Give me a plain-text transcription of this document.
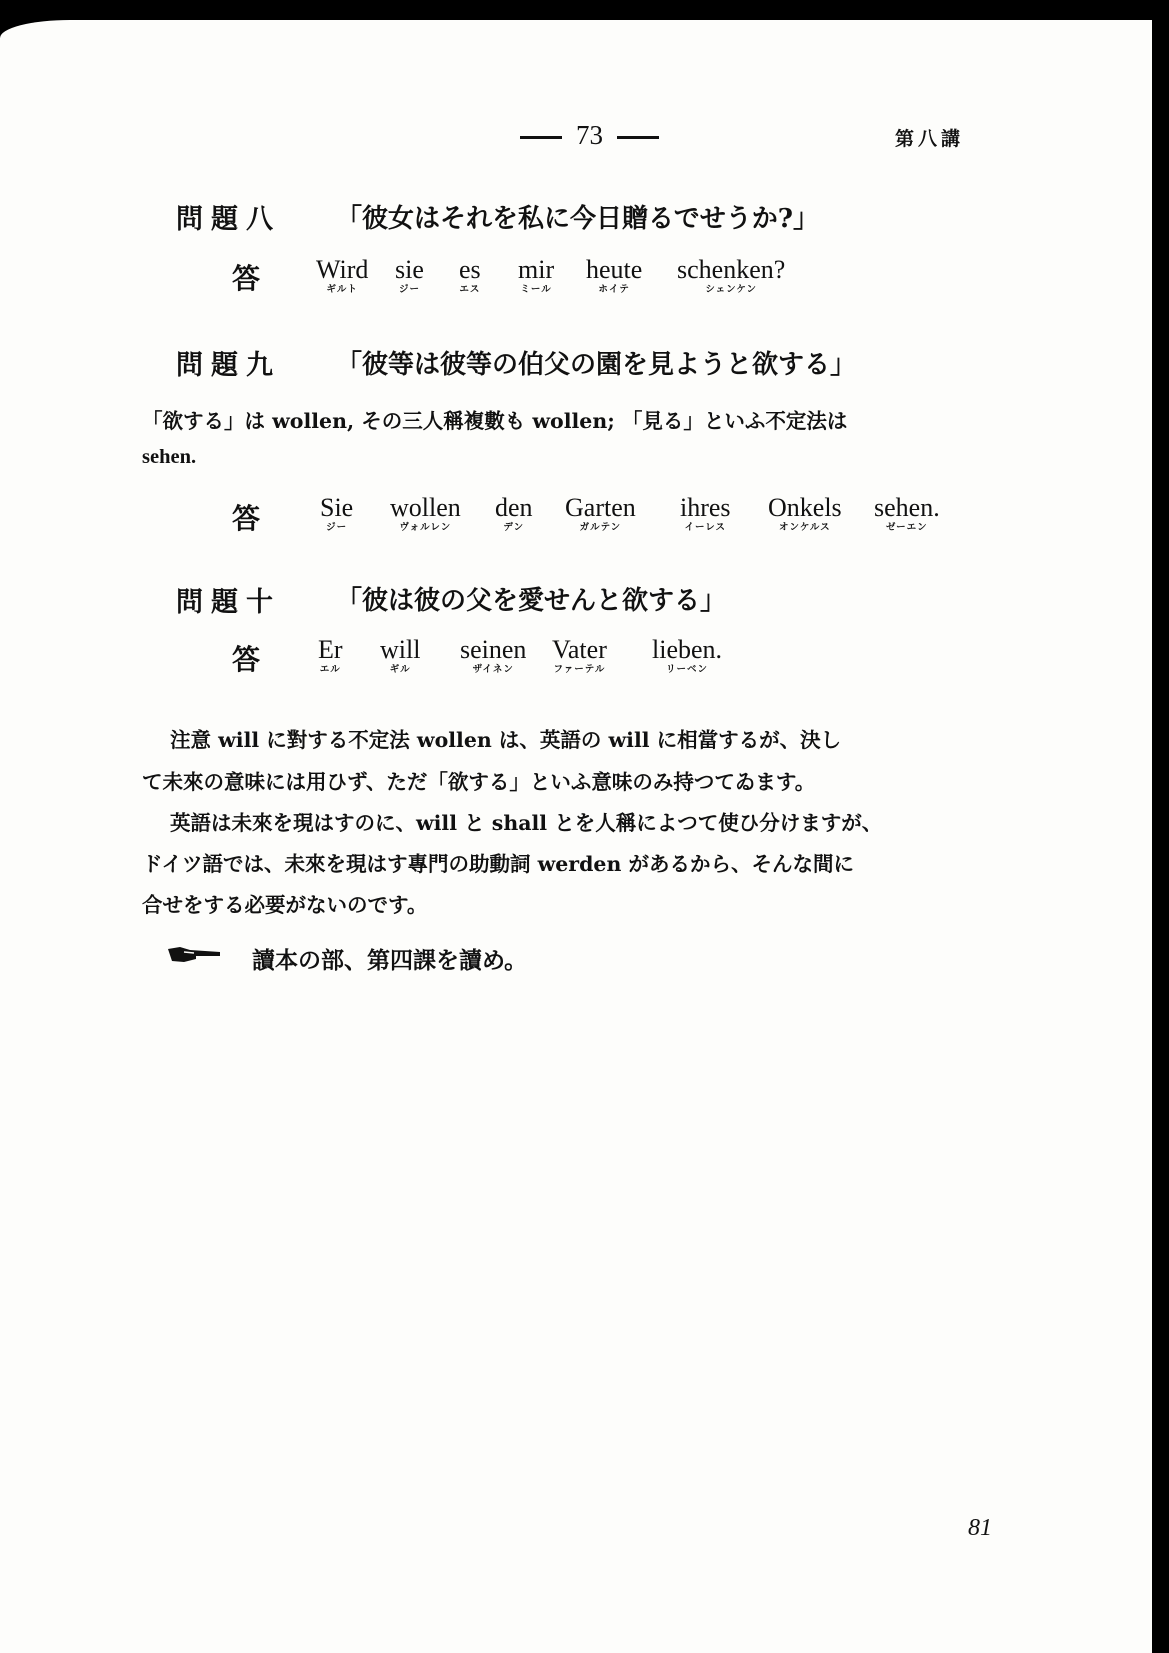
73	第八講
問題八 「彼女はそれを私に今日贈るでせうか?」
答 Wird
ギルト
sie
ジー
es
エス
mir
ミール
heute
ホイテ
schenken?
シェンケン
問題九 「彼等は彼等の伯父の園を見ようと欲する」
「欲する」は wollen, その三人稱複數も wollen; 「見る」といふ不定法は
sehen.
答 Sie
ジー
wollen
ヴォルレン
den
デン
Garten
ガルテン
ihres
イーレス
Onkels
オンケルス
sehen.
ゼーエン
問題十 「彼は彼の父を愛せんと欲する」
答 Er
エル
will
ギル
seinen
ザイネン
Vater
ファーテル
lieben.
リーベン
注意 will に對する不定法 wollen は、英語の will に相當するが、決し
て未來の意味には用ひず、ただ「欲する」といふ意味のみ持つてゐます。
英語は未來を現はすのに、will と shall とを人稱によつて使ひ分けますが、
ドイツ語では、未來を現はす專門の助動詞 werden があるから、そんな間に
合せをする必要がないのです。
讀本の部、第四課を讀め。
81
